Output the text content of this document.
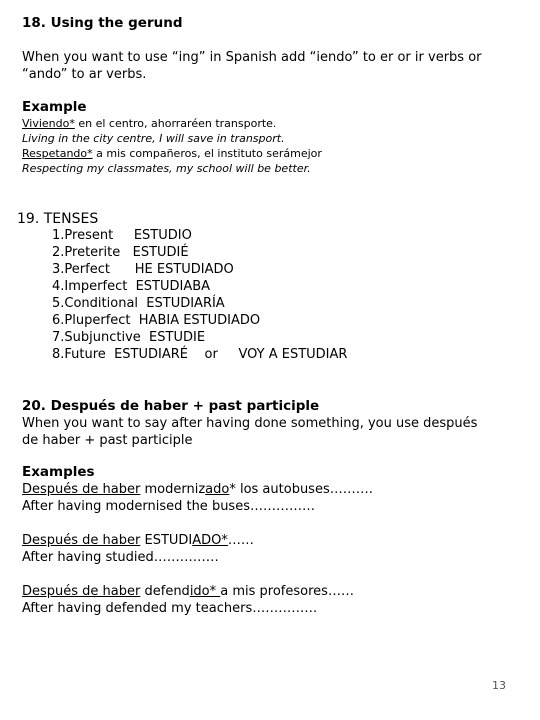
18. Using the gerund
When you want to use “ing” in Spanish add “iendo” to er or ir verbs or
“ando” to ar verbs.
Example
Viviendo* en el centro, ahorraréen transporte.
Living in the city centre, I will save in transport.
Respetando* a mis compañeros, el instituto serámejor
Respecting my classmates, my school will be better.
19. TENSES
1.Present     ESTUDIO
2.Preterite   ESTUDIÉ
3.Perfect      HE ESTUDIADO
4.Imperfect  ESTUDIABA
5.Conditional  ESTUDIARÍA
6.Pluperfect  HABIA ESTUDIADO
7.Subjunctive  ESTUDIE
8.Future  ESTUDIARÉ    or     VOY A ESTUDIAR
20. Después de haber + past participle
When you want to say after having done something, you use después
de haber + past participle
Examples
Después de haber modernizado* los autobuses……….
After having modernised the buses……………
Después de haber ESTUDIADO*……
After having studied……………
Después de haber defendido* a mis profesores……
After having defended my teachers……………
13
